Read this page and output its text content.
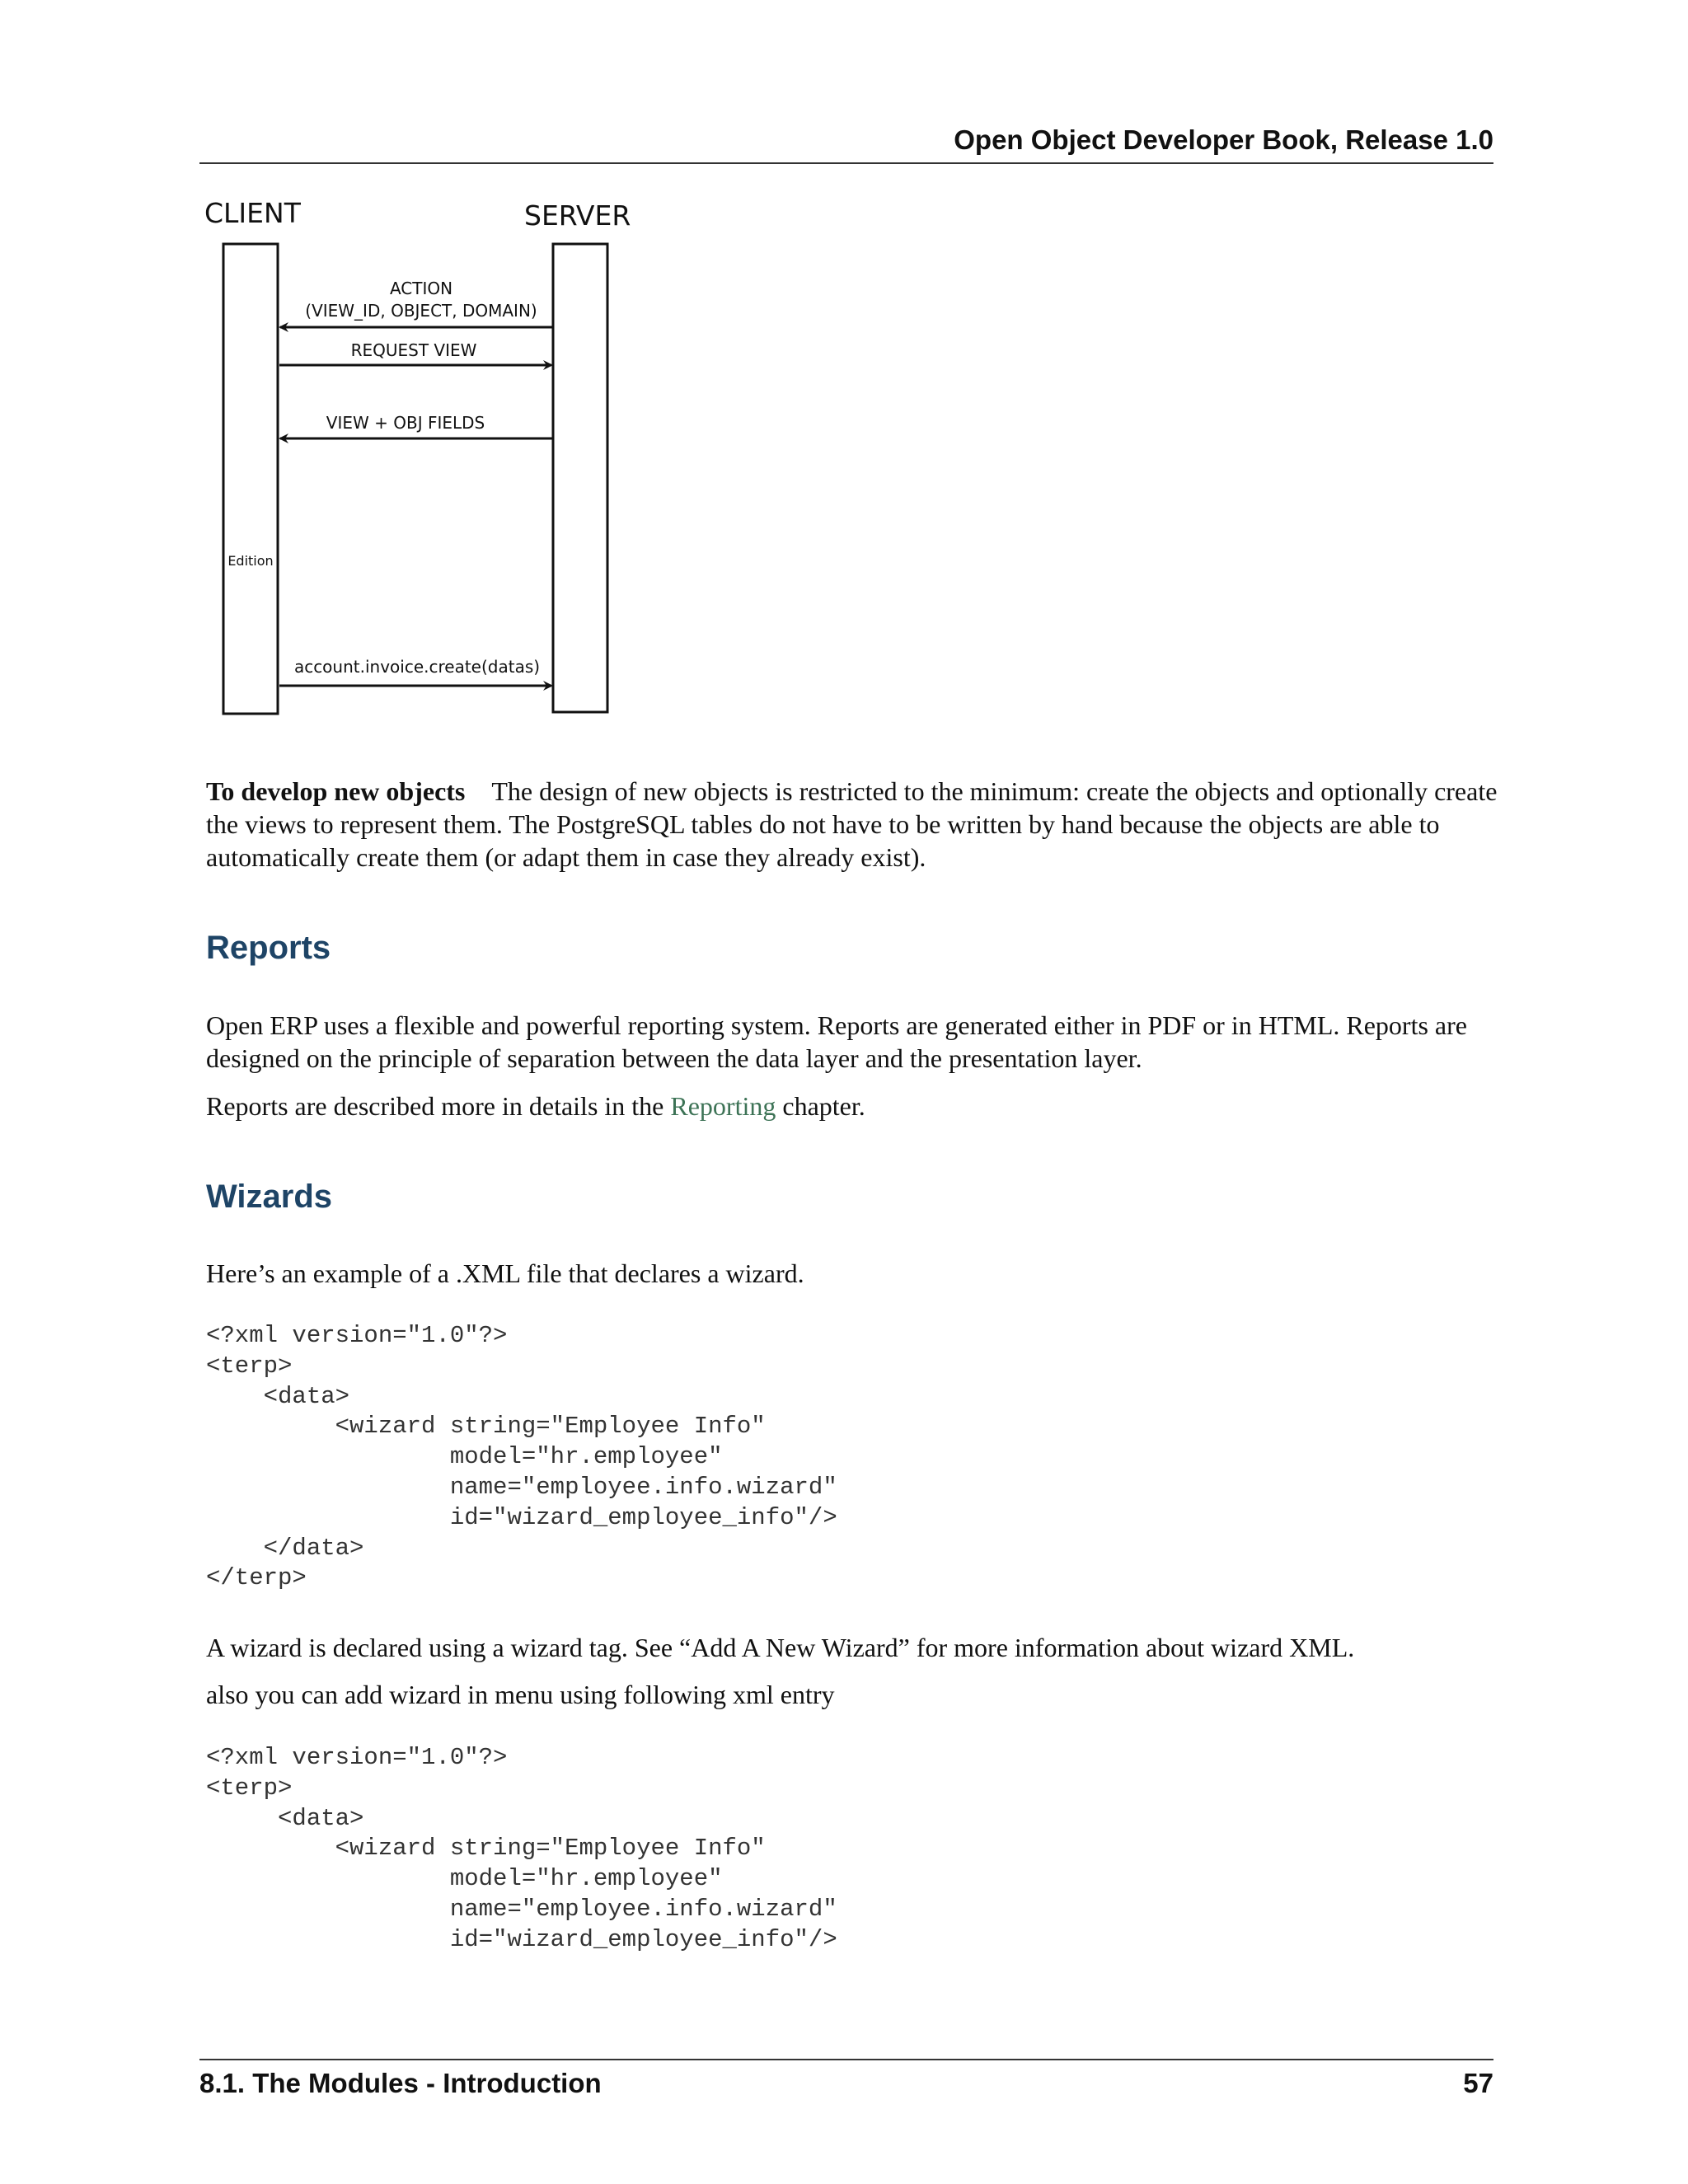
Open Object Developer Book, Release 1.0
CLIENT	SERVER
ACTION
(VIEW_ID, OBJECT, DOMAIN)
REQUEST VIEW
VIEW + OBJ FIELDS
Edition
account.invoice.create(datas)

To develop new objects The design of new objects is restricted to the minimum: create the objects and optionally create the views to represent them. The PostgreSQL tables do not have to be written by hand because the objects are able to automatically create them (or adapt them in case they already exist).

Reports

Open ERP uses a flexible and powerful reporting system. Reports are generated either in PDF or in HTML. Reports are designed on the principle of separation between the data layer and the presentation layer.

Reports are described more in details in the Reporting chapter.

Wizards

Here’s an example of a .XML file that declares a wizard.

<?xml version="1.0"?>
<terp>
<data>
<wizard string="Employee Info"
model="hr.employee"
name="employee.info.wizard"
id="wizard_employee_info"/>
</data>
</terp>

A wizard is declared using a wizard tag. See “Add A New Wizard” for more information about wizard XML.

also you can add wizard in menu using following xml entry

<?xml version="1.0"?>
<terp>
<data>
<wizard string="Employee Info"
model="hr.employee"
name="employee.info.wizard"
id="wizard_employee_info"/>
8.1. The Modules - Introduction	57
